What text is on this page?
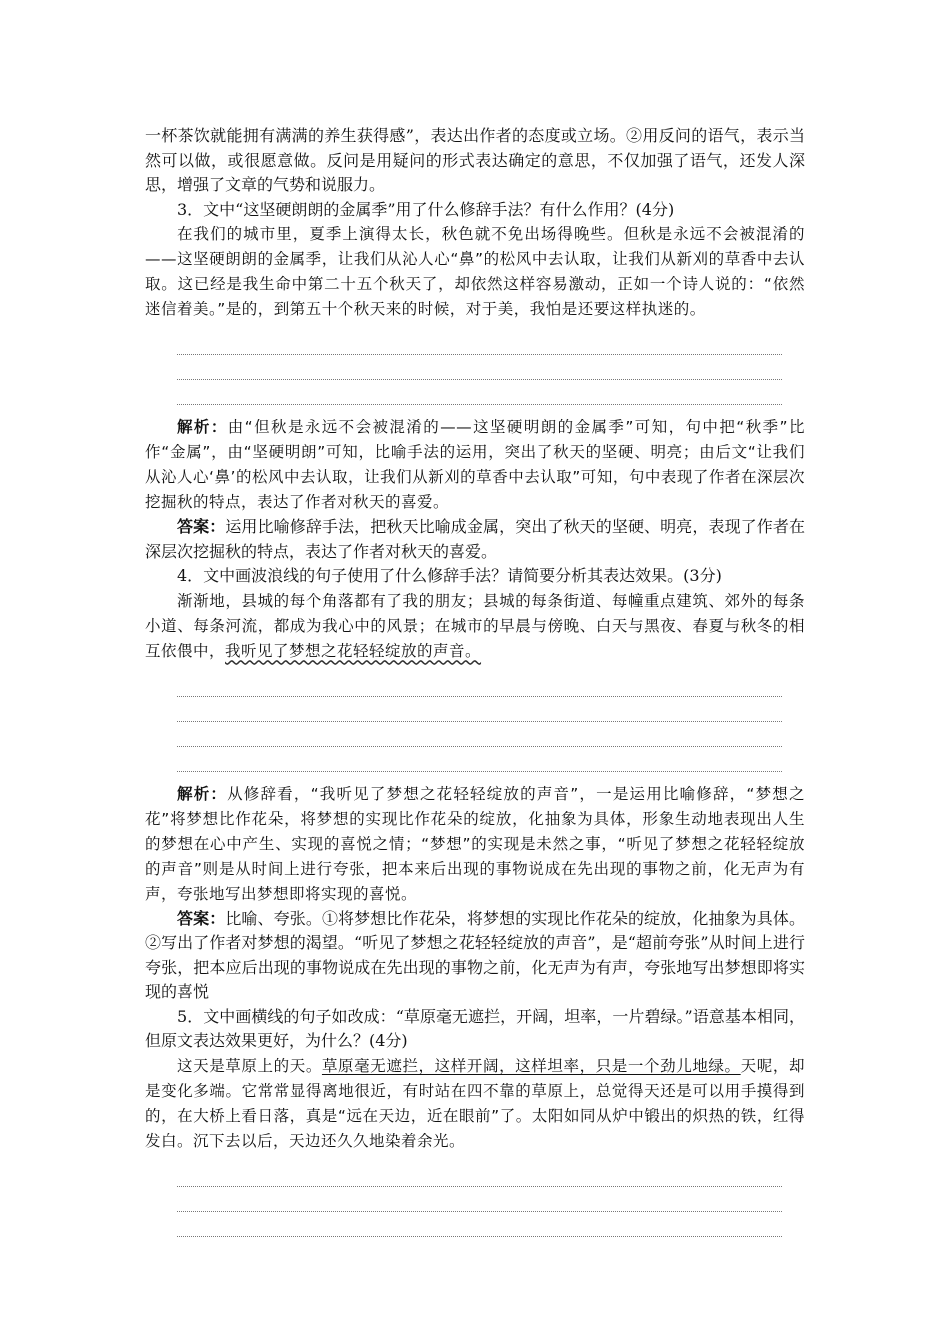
一杯茶饮就能拥有满满的养生获得感”，表达出作者的态度或立场。②用反问的语气，表示当然可以做，或很愿意做。反问是用疑问的形式表达确定的意思，不仅加强了语气，还发人深思，增强了文章的气势和说服力。

3．文中“这坚硬朗朗的金属季”用了什么修辞手法？有什么作用？(4分)

在我们的城市里，夏季上演得太长，秋色就不免出场得晚些。但秋是永远不会被混淆的——这坚硬朗朗的金属季，让我们从沁人心“鼻”的松风中去认取，让我们从新刈的草香中去认取。这已经是我生命中第二十五个秋天了，却依然这样容易激动，正如一个诗人说的：“依然迷信着美。”是的，到第五十个秋天来的时候，对于美，我怕是还要这样执迷的。

解析：由“但秋是永远不会被混淆的——这坚硬明朗的金属季”可知，句中把“秋季”比作“金属”，由“坚硬明朗”可知，比喻手法的运用，突出了秋天的坚硬、明亮；由后文“让我们从沁人心‘鼻’的松风中去认取，让我们从新刈的草香中去认取”可知，句中表现了作者在深层次挖掘秋的特点，表达了作者对秋天的喜爱。

答案：运用比喻修辞手法，把秋天比喻成金属，突出了秋天的坚硬、明亮，表现了作者在深层次挖掘秋的特点，表达了作者对秋天的喜爱。

4．文中画波浪线的句子使用了什么修辞手法？请简要分析其表达效果。(3分)

渐渐地，县城的每个角落都有了我的朋友；县城的每条街道、每幢重点建筑、郊外的每条小道、每条河流，都成为我心中的风景；在城市的早晨与傍晚、白天与黑夜、春夏与秋冬的相互依偎中，我听见了梦想之花轻轻绽放的声音。

解析：从修辞看，“我听见了梦想之花轻轻绽放的声音”，一是运用比喻修辞，“梦想之花”将梦想比作花朵，将梦想的实现比作花朵的绽放，化抽象为具体，形象生动地表现出人生的梦想在心中产生、实现的喜悦之情；“梦想”的实现是未然之事，“听见了梦想之花轻轻绽放的声音”则是从时间上进行夸张，把本来后出现的事物说成在先出现的事物之前，化无声为有声，夸张地写出梦想即将实现的喜悦。

答案：比喻、夸张。①将梦想比作花朵，将梦想的实现比作花朵的绽放，化抽象为具体。②写出了作者对梦想的渴望。“听见了梦想之花轻轻绽放的声音”，是“超前夸张”从时间上进行夸张，把本应后出现的事物说成在先出现的事物之前，化无声为有声，夸张地写出梦想即将实现的喜悦

5．文中画横线的句子如改成：“草原毫无遮拦，开阔，坦率，一片碧绿。”语意基本相同，但原文表达效果更好，为什么？(4分)

这天是草原上的天。草原毫无遮拦，这样开阔，这样坦率，只是一个劲儿地绿。天呢，却是变化多端。它常常显得离地很近，有时站在四不靠的草原上，总觉得天还是可以用手摸得到的，在大桥上看日落，真是“远在天边，近在眼前”了。太阳如同从炉中锻出的炽热的铁，红得发白。沉下去以后，天边还久久地染着余光。
